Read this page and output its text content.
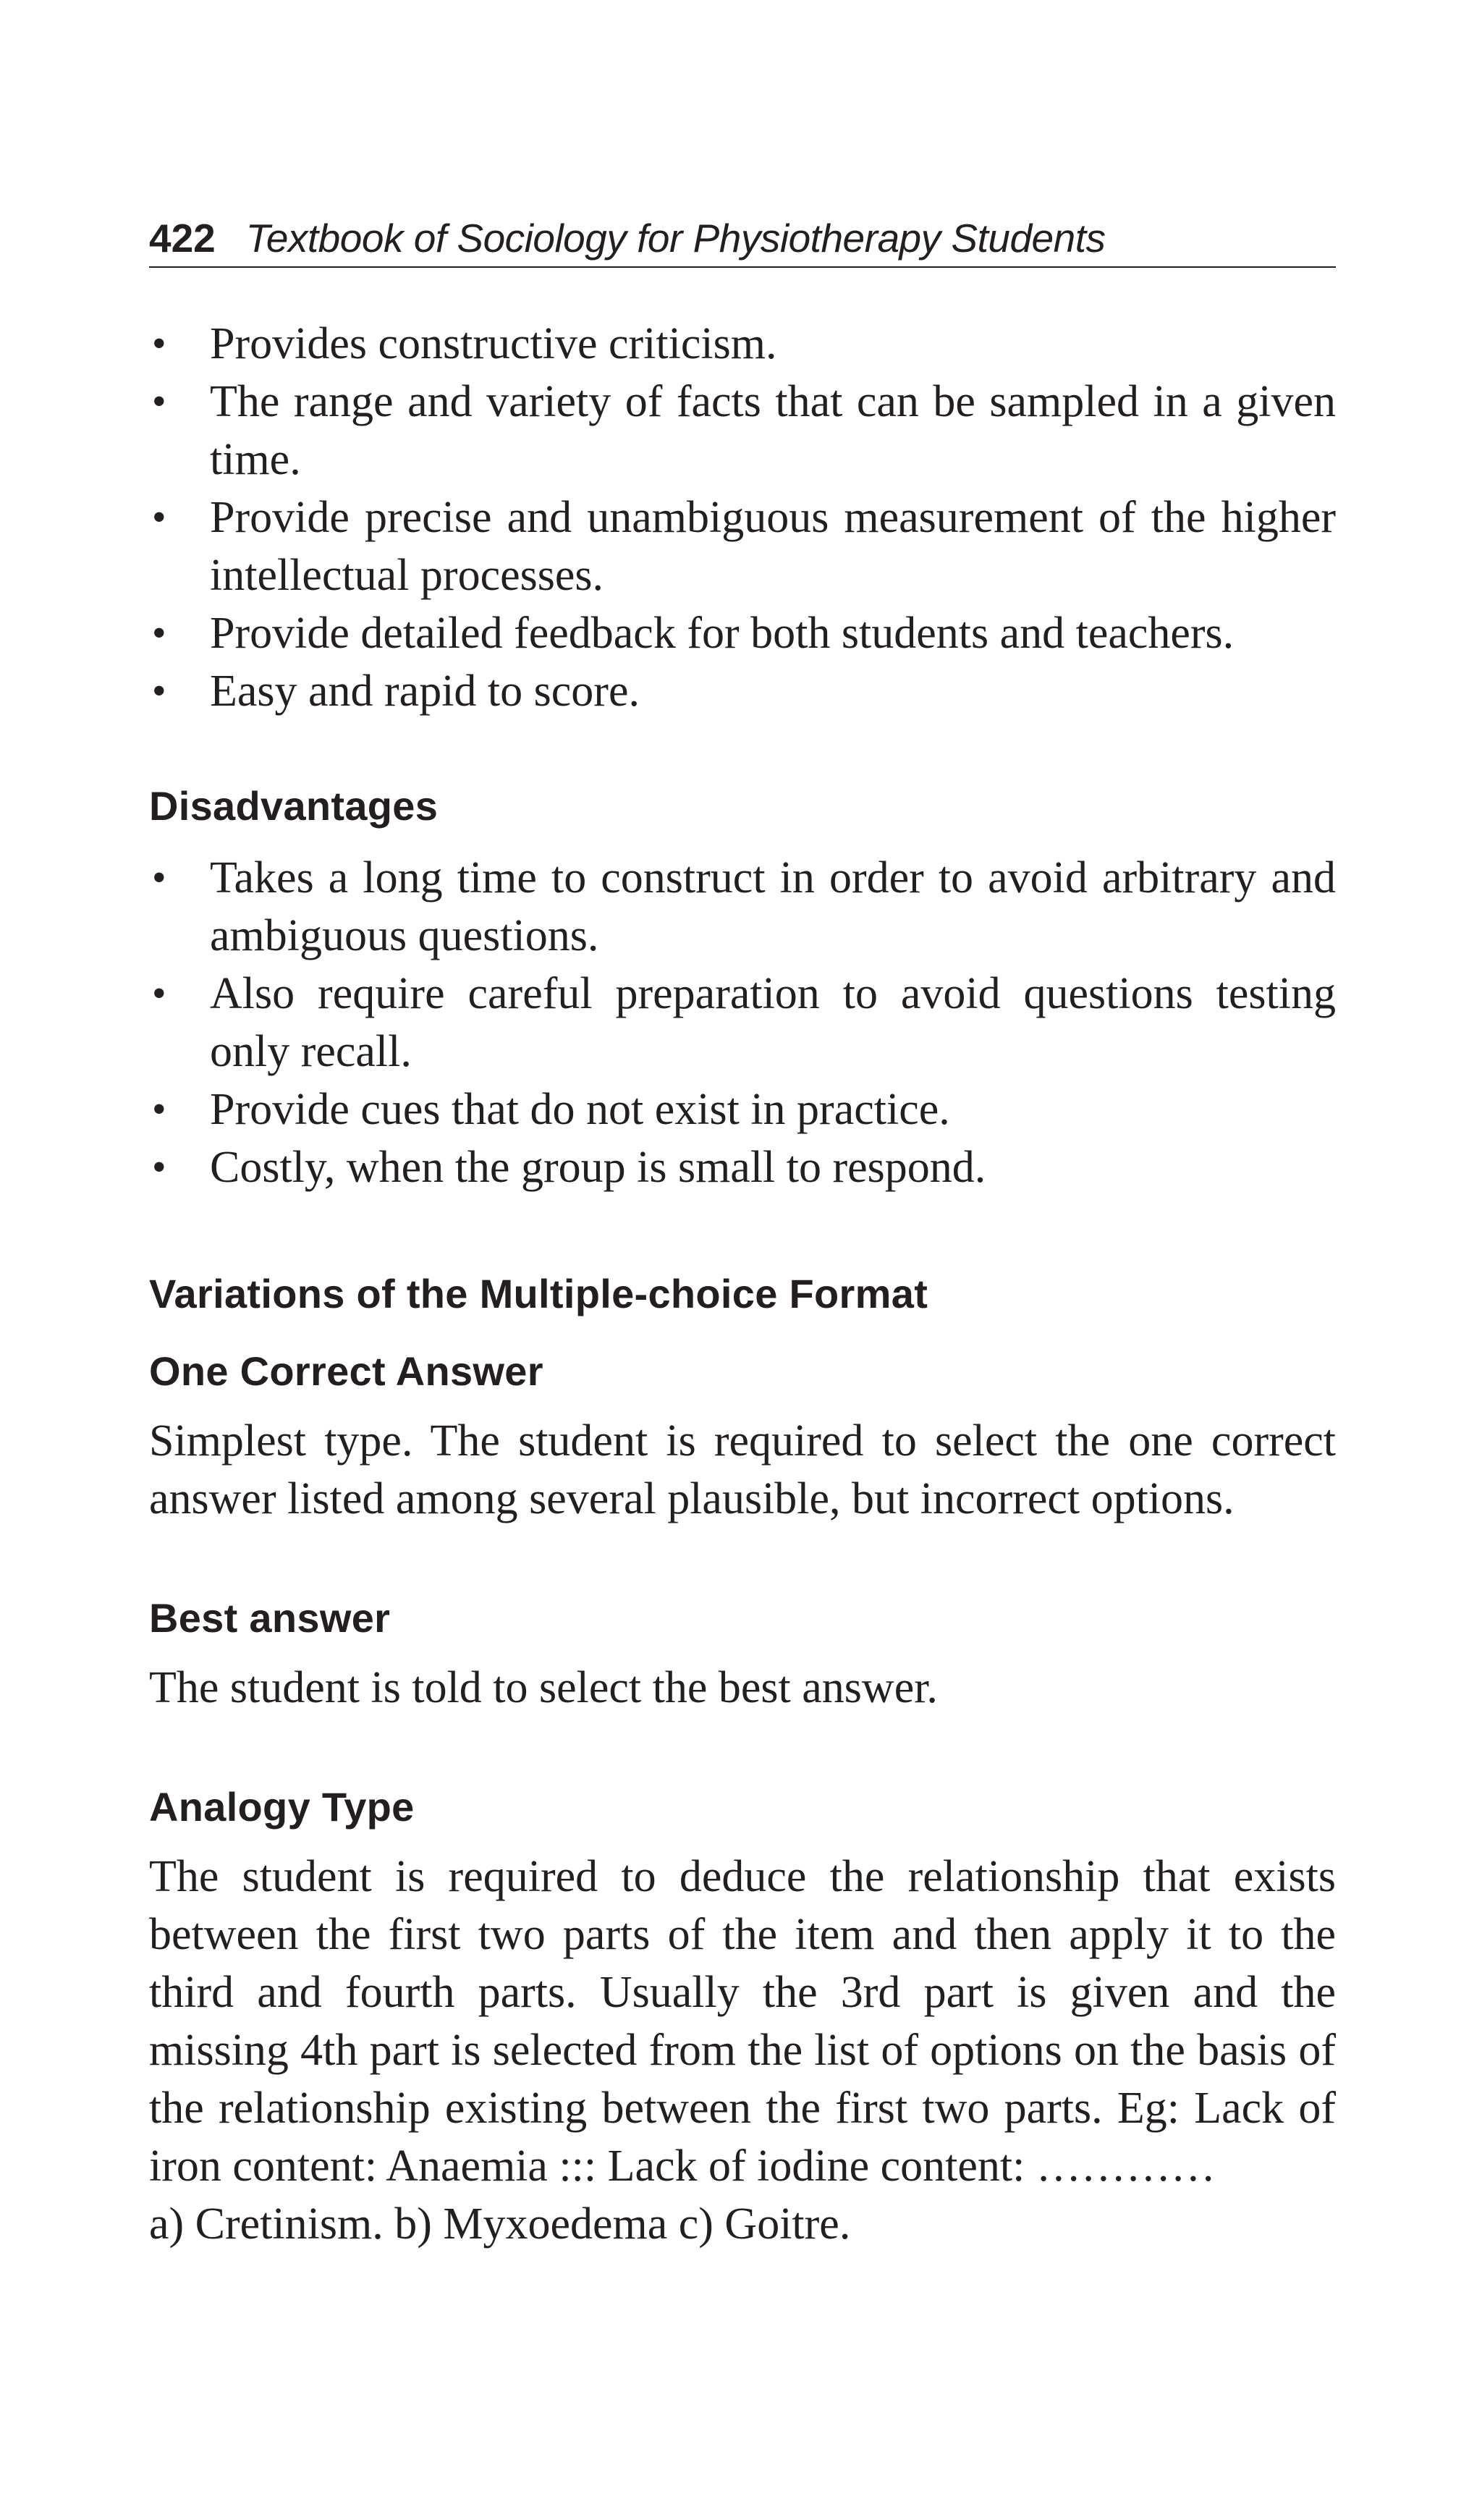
422 Textbook of Sociology for Physiotherapy Students
• Provides constructive criticism.
• The range and variety of facts that can be sampled in a given time.
• Provide precise and unambiguous measurement of the higher intellectual processes.
• Provide detailed feedback for both students and teachers.
• Easy and rapid to score.
Disadvantages
• Takes a long time to construct in order to avoid arbitrary and ambiguous questions.
• Also require careful preparation to avoid questions testing only recall.
• Provide cues that do not exist in practice.
• Costly, when the group is small to respond.
Variations of the Multiple-choice Format
One Correct Answer

Simplest type. The student is required to select the one correct answer listed among several plausible, but incorrect options.

Best answer

The student is told to select the best answer.

Analogy Type

The student is required to deduce the relationship that exists between the first two parts of the item and then apply it to the third and fourth parts. Usually the 3rd part is given and the missing 4th part is selected from the list of options on the basis of the relationship existing between the first two parts. Eg: Lack of iron content: Anaemia ::: Lack of iodine content: …………

a) Cretinism. b) Myxoedema c) Goitre.
